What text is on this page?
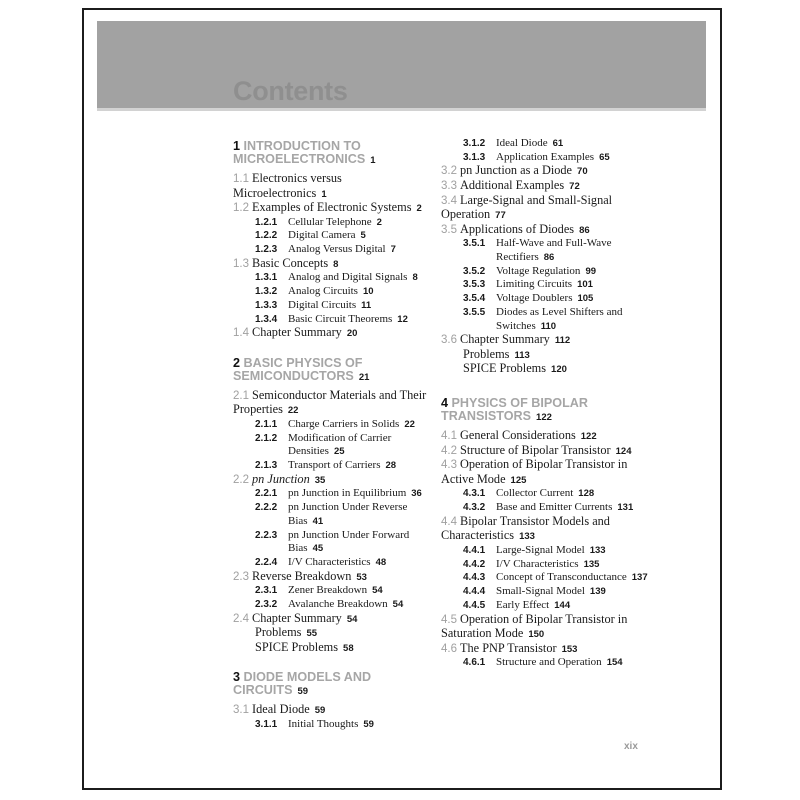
Contents
1 INTRODUCTION TO MICROELECTRONICS 1
1.1 Electronics versus Microelectronics 1
1.2 Examples of Electronic Systems 2
1.2.1 Cellular Telephone 2
1.2.2 Digital Camera 5
1.2.3 Analog Versus Digital 7
1.3 Basic Concepts 8
1.3.1 Analog and Digital Signals 8
1.3.2 Analog Circuits 10
1.3.3 Digital Circuits 11
1.3.4 Basic Circuit Theorems 12
1.4 Chapter Summary 20
2 BASIC PHYSICS OF SEMICONDUCTORS 21
2.1 Semiconductor Materials and Their Properties 22
2.1.1 Charge Carriers in Solids 22
2.1.2 Modification of Carrier Densities 25
2.1.3 Transport of Carriers 28
2.2 pn Junction 35
2.2.1 pn Junction in Equilibrium 36
2.2.2 pn Junction Under Reverse Bias 41
2.2.3 pn Junction Under Forward Bias 45
2.2.4 I/V Characteristics 48
2.3 Reverse Breakdown 53
2.3.1 Zener Breakdown 54
2.3.2 Avalanche Breakdown 54
2.4 Chapter Summary 54
Problems 55
SPICE Problems 58
3 DIODE MODELS AND CIRCUITS 59
3.1 Ideal Diode 59
3.1.1 Initial Thoughts 59
3.1.2 Ideal Diode 61
3.1.3 Application Examples 65
3.2 pn Junction as a Diode 70
3.3 Additional Examples 72
3.4 Large-Signal and Small-Signal Operation 77
3.5 Applications of Diodes 86
3.5.1 Half-Wave and Full-Wave Rectifiers 86
3.5.2 Voltage Regulation 99
3.5.3 Limiting Circuits 101
3.5.4 Voltage Doublers 105
3.5.5 Diodes as Level Shifters and Switches 110
3.6 Chapter Summary 112
Problems 113
SPICE Problems 120
4 PHYSICS OF BIPOLAR TRANSISTORS 122
4.1 General Considerations 122
4.2 Structure of Bipolar Transistor 124
4.3 Operation of Bipolar Transistor in Active Mode 125
4.3.1 Collector Current 128
4.3.2 Base and Emitter Currents 131
4.4 Bipolar Transistor Models and Characteristics 133
4.4.1 Large-Signal Model 133
4.4.2 I/V Characteristics 135
4.4.3 Concept of Transconductance 137
4.4.4 Small-Signal Model 139
4.4.5 Early Effect 144
4.5 Operation of Bipolar Transistor in Saturation Mode 150
4.6 The PNP Transistor 153
4.6.1 Structure and Operation 154
xix
